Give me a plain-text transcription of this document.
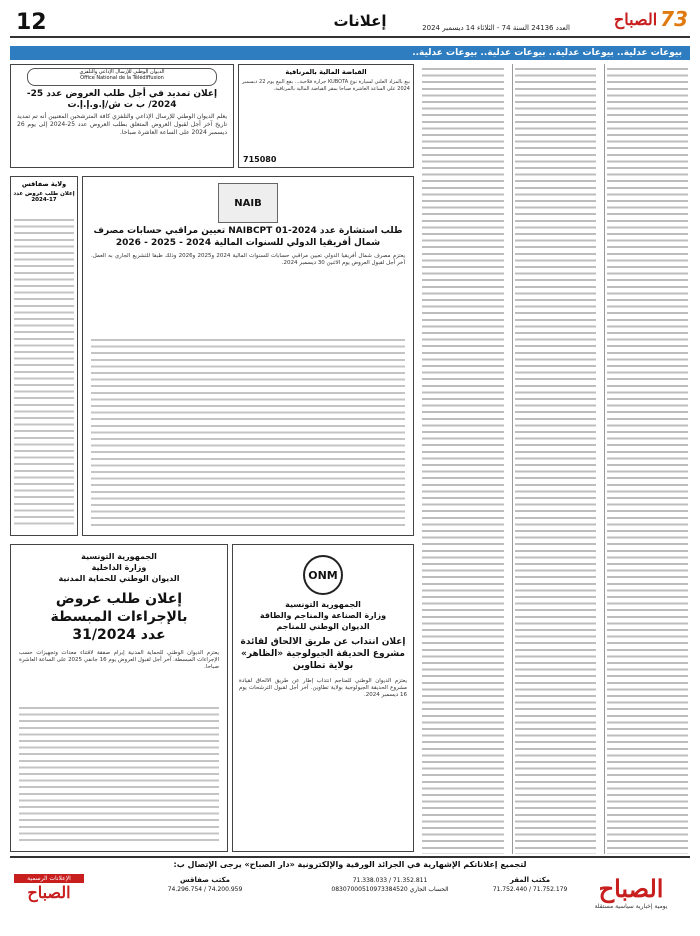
12	إعلانات	العدد 24136 السنة 74 - الثلاثاء 14 ديسمبر 2024	الصباح 73
بيوعات عدلية.. بيوعات عدلية.. بيوعات عدلية.. بيوعات عدلية..
القباضة المالية بالمرناقية
بيع بالمزاد العلني لسيارة نوع KUBOTA جرارة فلاحية... يقع البيع يوم 22 ديسمبر 2024 على الساعة العاشرة صباحا بمقر القباضة المالية بالمرناقية.
715080
الديوان الوطني للإرسال الإذاعي والتلفزي
Office National de la Télédiffusion
إعلان تمديد في أجل طلب العروض عدد 25-2024/ ب ت ش/إ.و.إ.إ.ت
يعلم الديوان الوطني للإرسال الإذاعي والتلفزي كافة المترشحين المعنيين أنه تم تمديد تاريخ آخر أجل لقبول العروض المتعلق بطلب العروض عدد 25-2024 إلى يوم 26 ديسمبر 2024 على الساعة العاشرة صباحا.
NAIB
طلب استشارة عدد NAIBCPT 01-2024 تعيين مراقبي حسابات مصرف شمال أفريقيا الدولي للسنوات المالية 2024 - 2025 - 2026
يعتزم مصرف شمال أفريقيا الدولي تعيين مراقبي حسابات للسنوات المالية 2024 و2025 و2026 وذلك طبقا للتشريع الجاري به العمل. آخر أجل لقبول العروض يوم الاثنين 30 ديسمبر 2024.
ولاية صفاقس
إعلان طلب عروض عدد 17-2024
ONM
الجمهورية التونسية
وزارة الصناعة والمناجم والطاقة
الديوان الوطني للمناجم
إعلان انتداب عن طريق الالحاق لقائدة مشروع الحديقة الجيولوجية «الظاهر» بولاية تطاوين
يعتزم الديوان الوطني للمناجم انتداب إطار عن طريق الالحاق لقيادة مشروع الحديقة الجيولوجية بولاية تطاوين. آخر أجل لقبول الترشحات يوم 16 ديسمبر 2024.
الجمهورية التونسية
وزارة الداخلية
الديوان الوطني للحماية المدنية
إعلان طلب عروض بالإجراءات المبسطة
عدد 31/2024
يعتزم الديوان الوطني للحماية المدنية إبرام صفقة لاقتناء معدات وتجهيزات حسب الإجراءات المبسطة. آخر أجل لقبول العروض يوم 16 جانفي 2025 على الساعة العاشرة صباحا.
لتجميع إعلاناتكم الإشهارية في الجرائد الورقية والإلكترونية «دار الصباح» يرجى الإتصال ب:
الصباح
يومية إخبارية سياسية مستقلة
مكتب المقر
71.752.179 / 71.752.440
71.352.811 / 71.338.033
الحساب الجاري 08307000510973384520
مكتب صفاقس
74.200.959 / 74.296.754
الإعلانات الرسمية
الصباح
